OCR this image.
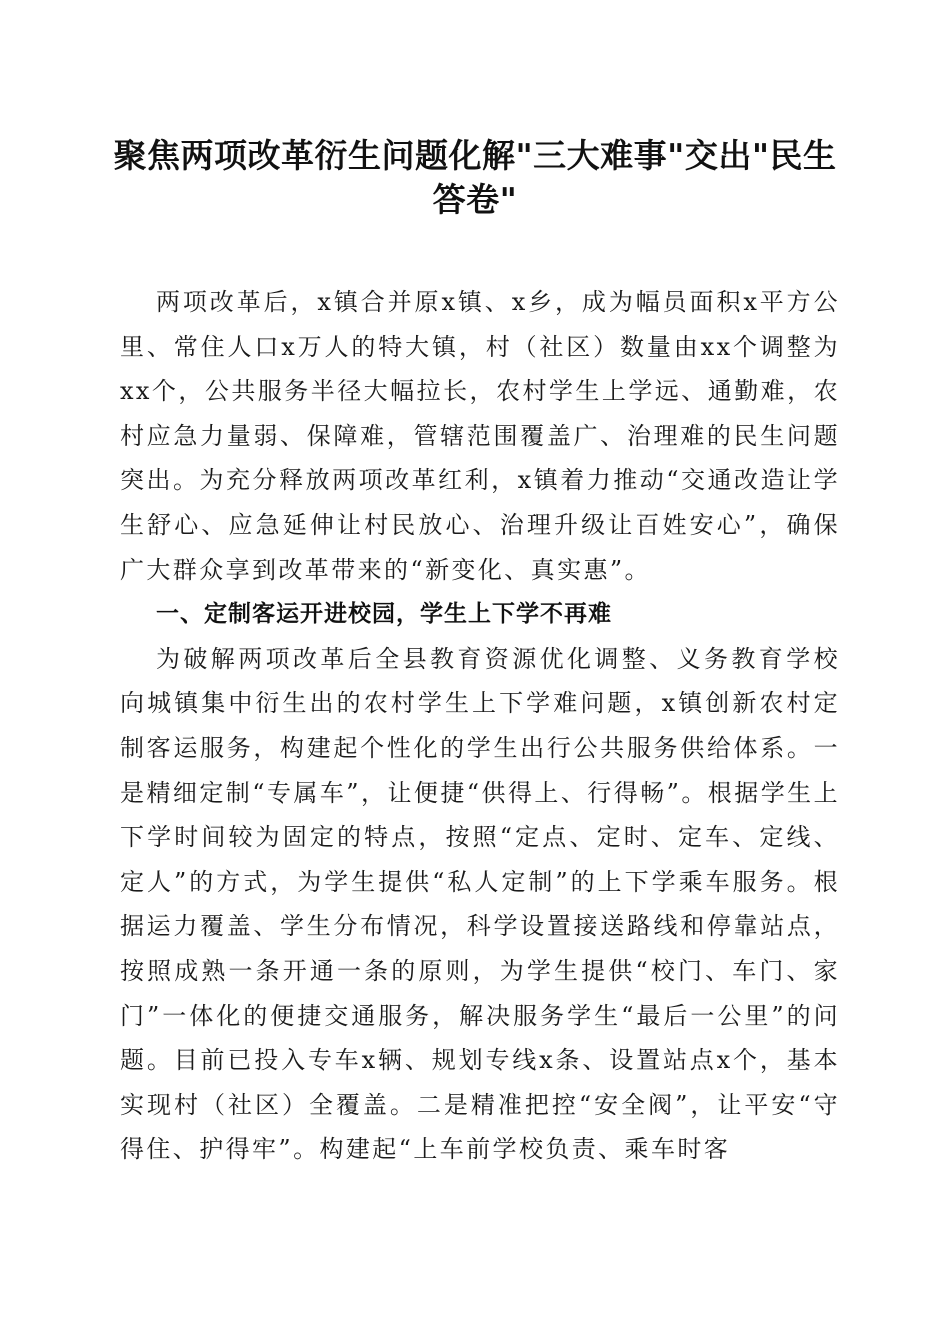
聚焦两项改革衍生问题化解"三大难事"交出"民生答卷"

两项改革后，x镇合并原x镇、x乡，成为幅员面积x平方公里、常住人口x万人的特大镇，村（社区）数量由xx个调整为xx个，公共服务半径大幅拉长，农村学生上学远、通勤难，农村应急力量弱、保障难，管辖范围覆盖广、治理难的民生问题突出。为充分释放两项改革红利，x镇着力推动“交通改造让学生舒心、应急延伸让村民放心、治理升级让百姓安心”，确保广大群众享到改革带来的“新变化、真实惠”。

一、定制客运开进校园，学生上下学不再难

为破解两项改革后全县教育资源优化调整、义务教育学校向城镇集中衍生出的农村学生上下学难问题，x镇创新农村定制客运服务，构建起个性化的学生出行公共服务供给体系。一是精细定制“专属车”，让便捷“供得上、行得畅”。根据学生上下学时间较为固定的特点，按照“定点、定时、定车、定线、定人”的方式，为学生提供“私人定制”的上下学乘车服务。根据运力覆盖、学生分布情况，科学设置接送路线和停靠站点，按照成熟一条开通一条的原则，为学生提供“校门、车门、家门”一体化的便捷交通服务，解决服务学生“最后一公里”的问题。目前已投入专车x辆、规划专线x条、设置站点x个，基本实现村（社区）全覆盖。二是精准把控“安全阀”，让平安“守得住、护得牢”。构建起“上车前学校负责、乘车时客
